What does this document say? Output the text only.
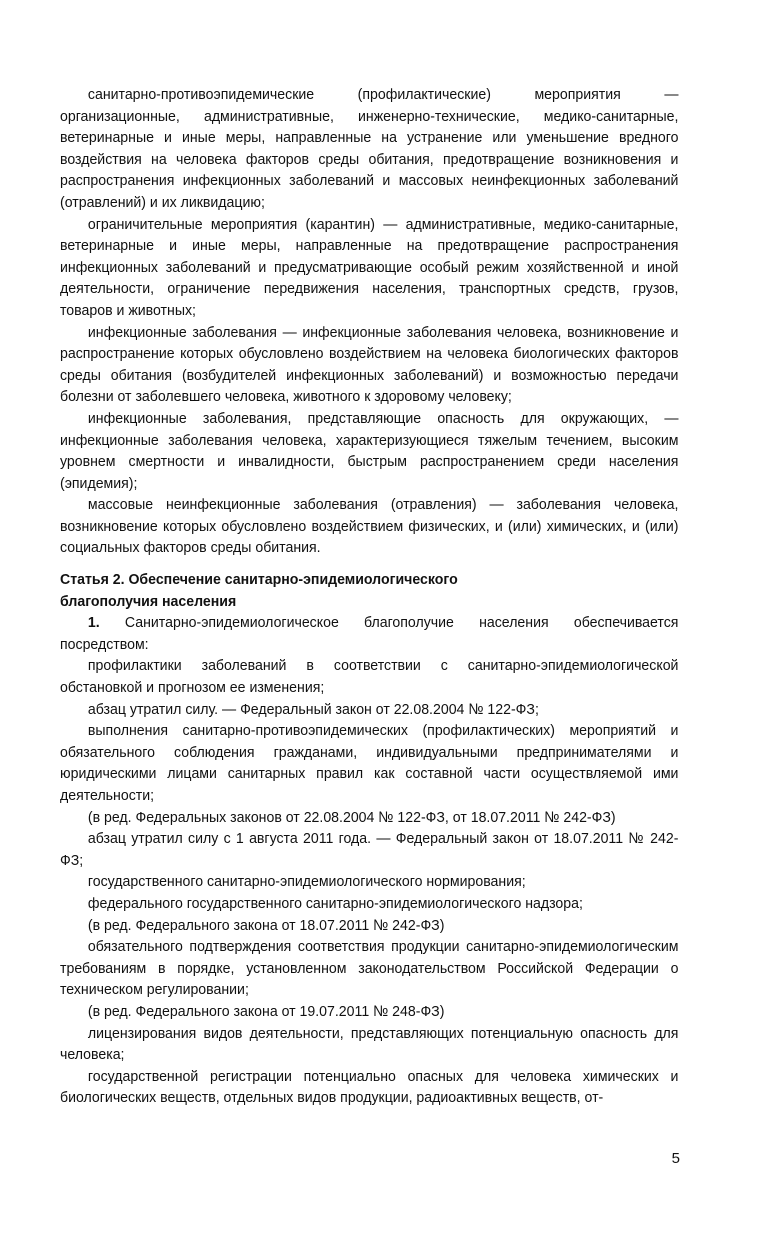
санитарно-противоэпидемические (профилактические) мероприятия — организационные, административные, инженерно-технические, медико-санитарные, ветеринарные и иные меры, направленные на устранение или уменьшение вредного воздействия на человека факторов среды обитания, предотвращение возникновения и распространения инфекционных заболеваний и массовых неинфекционных заболеваний (отравлений) и их ликвидацию;

ограничительные мероприятия (карантин) — административные, медико-санитарные, ветеринарные и иные меры, направленные на предотвращение распространения инфекционных заболеваний и предусматривающие особый режим хозяйственной и иной деятельности, ограничение передвижения населения, транспортных средств, грузов, товаров и животных;

инфекционные заболевания — инфекционные заболевания человека, возникновение и распространение которых обусловлено воздействием на человека биологических факторов среды обитания (возбудителей инфекционных заболеваний) и возможностью передачи болезни от заболевшего человека, животного к здоровому человеку;

инфекционные заболевания, представляющие опасность для окружающих, — инфекционные заболевания человека, характеризующиеся тяжелым течением, высоким уровнем смертности и инвалидности, быстрым распространением среди населения (эпидемия);

массовые неинфекционные заболевания (отравления) — заболевания человека, возникновение которых обусловлено воздействием физических, и (или) химических, и (или) социальных факторов среды обитания.

Статья 2. Обеспечение санитарно-эпидемиологического
благополучия населения

1. Санитарно-эпидемиологическое благополучие населения обеспечивается посредством:

профилактики заболеваний в соответствии с санитарно-эпидемиологической обстановкой и прогнозом ее изменения;

абзац утратил силу. — Федеральный закон от 22.08.2004 № 122-ФЗ;

выполнения санитарно-противоэпидемических (профилактических) мероприятий и обязательного соблюдения гражданами, индивидуальными предпринимателями и юридическими лицами санитарных правил как составной части осуществляемой ими деятельности;

(в ред. Федеральных законов от 22.08.2004 № 122-ФЗ, от 18.07.2011 № 242-ФЗ)

абзац утратил силу с 1 августа 2011 года. — Федеральный закон от 18.07.2011 № 242-ФЗ;

государственного санитарно-эпидемиологического нормирования;

федерального государственного санитарно-эпидемиологического надзора;

(в ред. Федерального закона от 18.07.2011 № 242-ФЗ)

обязательного подтверждения соответствия продукции санитарно-эпидемиологическим требованиям в порядке, установленном законодательством Российской Федерации о техническом регулировании;

(в ред. Федерального закона от 19.07.2011 № 248-ФЗ)

лицензирования видов деятельности, представляющих потенциальную опасность для человека;

государственной регистрации потенциально опасных для человека химических и биологических веществ, отдельных видов продукции, радиоактивных веществ, от-

5
